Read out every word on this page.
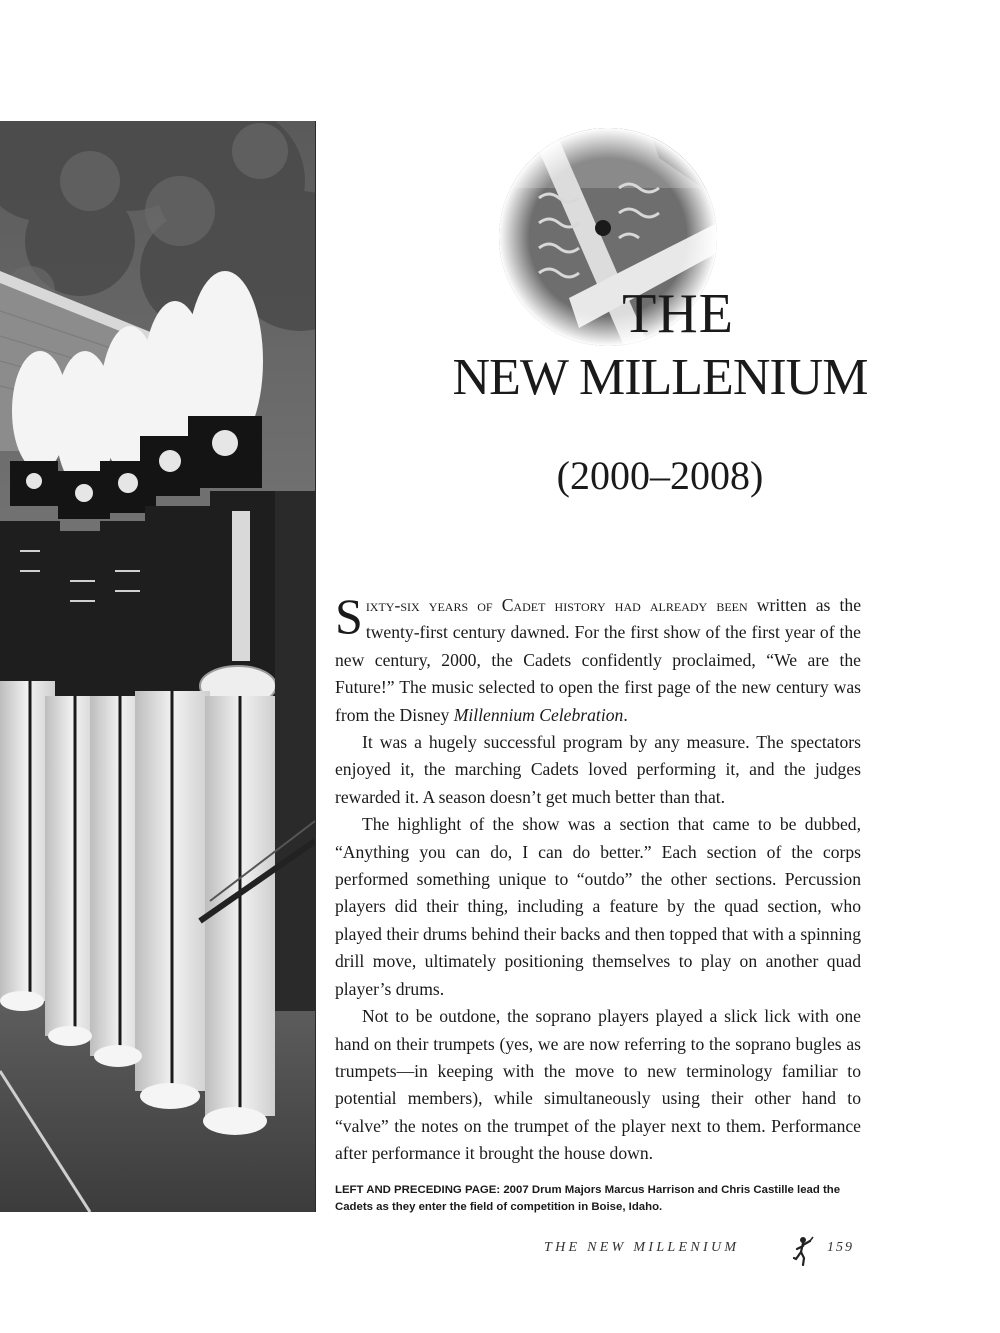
THE
NEW MILLENIUM
(2000–2008)

Sixty-six years of Cadet history had already been written as the twenty-first century dawned. For the first show of the first year of the new century, 2000, the Cadets confidently proclaimed, “We are the Future!” The music selected to open the first page of the new century was from the Disney Millennium Celebration.

It was a hugely successful program by any measure. The spectators enjoyed it, the marching Cadets loved performing it, and the judges rewarded it. A season doesn’t get much better than that.

The highlight of the show was a section that came to be dubbed, “Anything you can do, I can do better.” Each section of the corps performed something unique to “outdo” the other sections. Percussion players did their thing, including a feature by the quad section, who played their drums behind their backs and then topped that with a spinning drill move, ultimately positioning themselves to play on another quad player’s drums.

Not to be outdone, the soprano players played a slick lick with one hand on their trumpets (yes, we are now referring to the soprano bugles as trumpets—in keeping with the move to new terminology familiar to potential members), while simultaneously using their other hand to “valve” the notes on the trumpet of the player next to them. Performance after performance it brought the house down.

LEFT AND PRECEDING PAGE: 2007 Drum Majors Marcus Harrison and Chris Castille lead the Cadets as they enter the field of competition in Boise, Idaho.
THE NEW MILLENIUM	159
